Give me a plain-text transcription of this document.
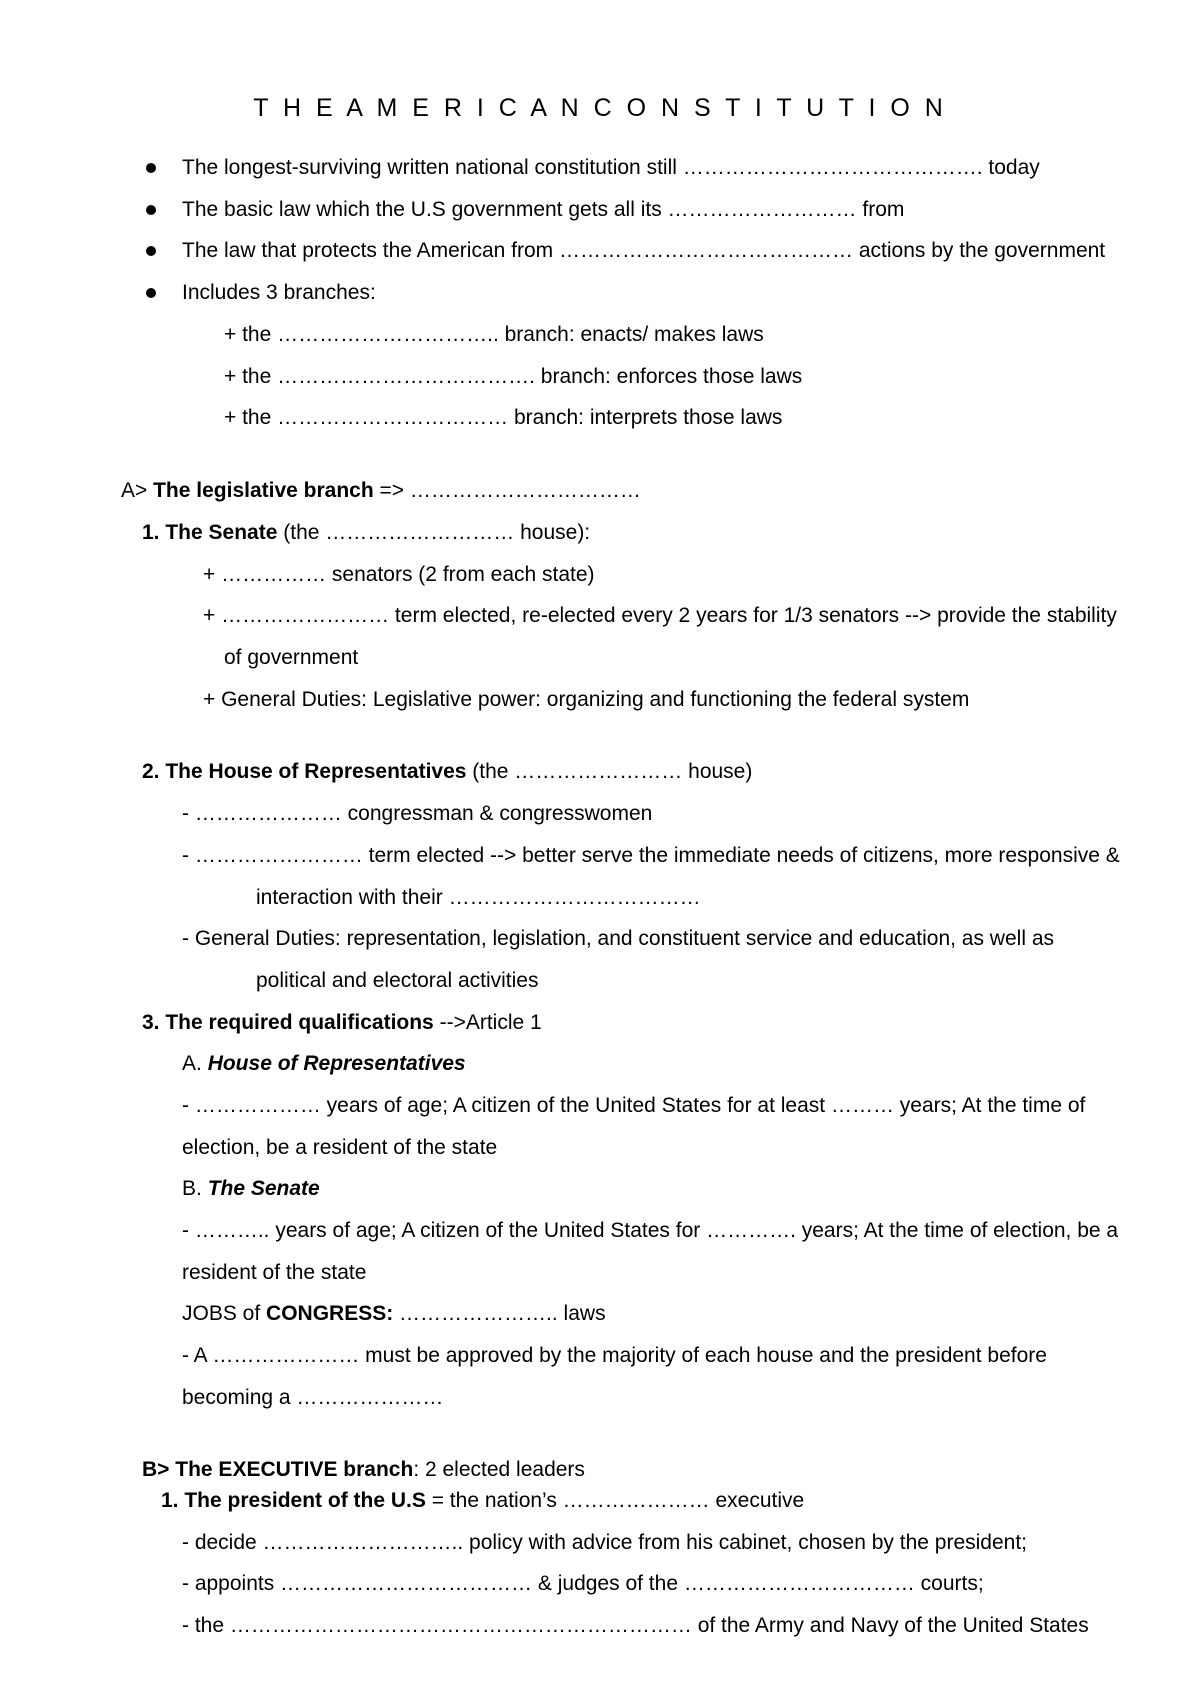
T H E A M E R I C A N C O N S T I T U T I O N
The longest-surviving written national constitution still ……………………………………. today
The basic law which the U.S government gets all its ……………………… from
The law that protects the American from …………………………………… actions by the government
Includes 3 branches:
+ the ………………………….. branch: enacts/ makes laws
+ the ………………………………. branch: enforces those laws
+ the …………………………… branch: interprets those laws
A> The legislative branch => ……………………………
1. The Senate (the ……………………… house):
+ …………… senators (2 from each state)
+ …………………… term elected, re-elected every 2 years for 1/3 senators --> provide the stability
of government
+ General Duties: Legislative power: organizing and functioning the federal system
2. The House of Representatives (the …………………… house)
- ………………… congressman & congresswomen
- …………………… term elected --> better serve the immediate needs of citizens, more responsive &
interaction with their ………………………………
- General Duties: representation, legislation, and constituent service and education, as well as
political and electoral activities
3. The required qualifications -->Article 1
A. House of Representatives
- ……………… years of age; A citizen of the United States for at least ……… years; At the time of
election, be a resident of the state
B. The Senate
- ……….. years of age; A citizen of the United States for …………. years; At the time of election, be a
resident of the state
JOBS of CONGRESS: ………………….. laws
- A ………………… must be approved by the majority of each house and the president before
becoming a …………………
B> The EXECUTIVE branch: 2 elected leaders
1. The president of the U.S = the nation’s ………………… executive
- decide ……………………….. policy with advice from his cabinet, chosen by the president;
- appoints ……………………………… & judges of the …………………………… courts;
- the ………………………………………………………… of the Army and Navy of the United States
